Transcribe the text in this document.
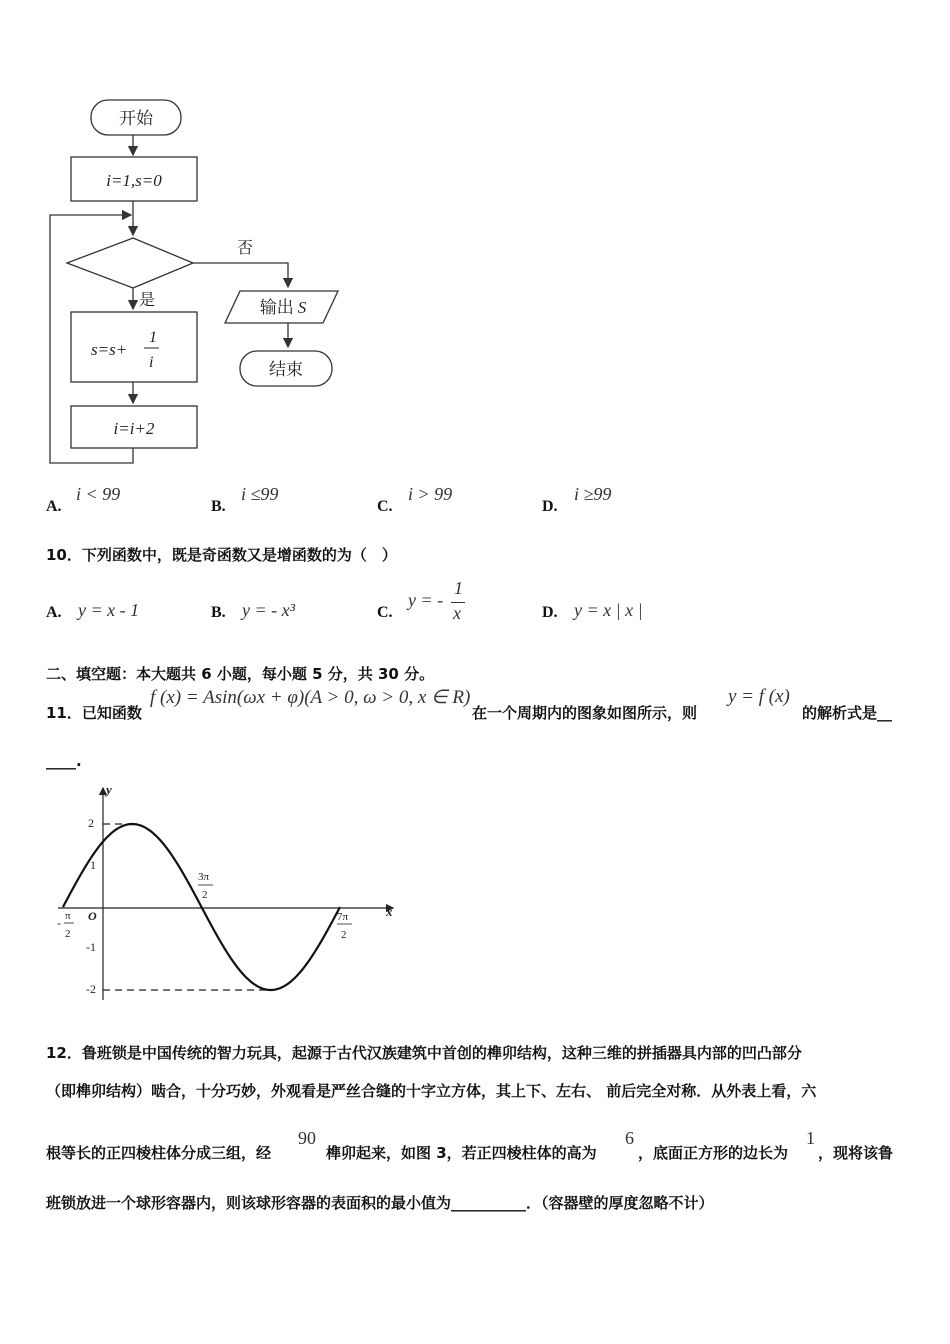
开始
i=1,s=0
否
是	输出 S
结束
s=s+
1
i
i=i+2
A.
i < 99
B.
i ≤99
C.
i > 99
D.
i ≥99
10．下列函数中，既是奇函数又是增函数的为（　）
A. y = x - 1	B. y = - x³	C.
y = -
1
x	D. y = x | x |
二、填空题：本大题共 6 小题，每小题 5 分，共 30 分。
11．已知函数
f (x) = Asin(ωx + φ)(A > 0, ω > 0, x ∈ R)
在一个周期内的图象如图所示，则
y = f (x)
的解析式是__
____.
x
y
O
2
1
-1
-2
- π
2
3π
2
7π
2
12．鲁班锁是中国传统的智力玩具，起源于古代汉族建筑中首创的榫卯结构，这种三维的拼插器具内部的凹凸部分
（即榫卯结构）啮合，十分巧妙，外观看是严丝合缝的十字立方体，其上下、左右、 前后完全对称．从外表上看，六
根等长的正四棱柱体分成三组，经
90
榫卯起来，如图 3，若正四棱柱体的高为
6
，底面正方形的边长为
1
，现将该鲁
班锁放进一个球形容器内，则该球形容器的表面积的最小值为__________．（容器壁的厚度忽略不计）
